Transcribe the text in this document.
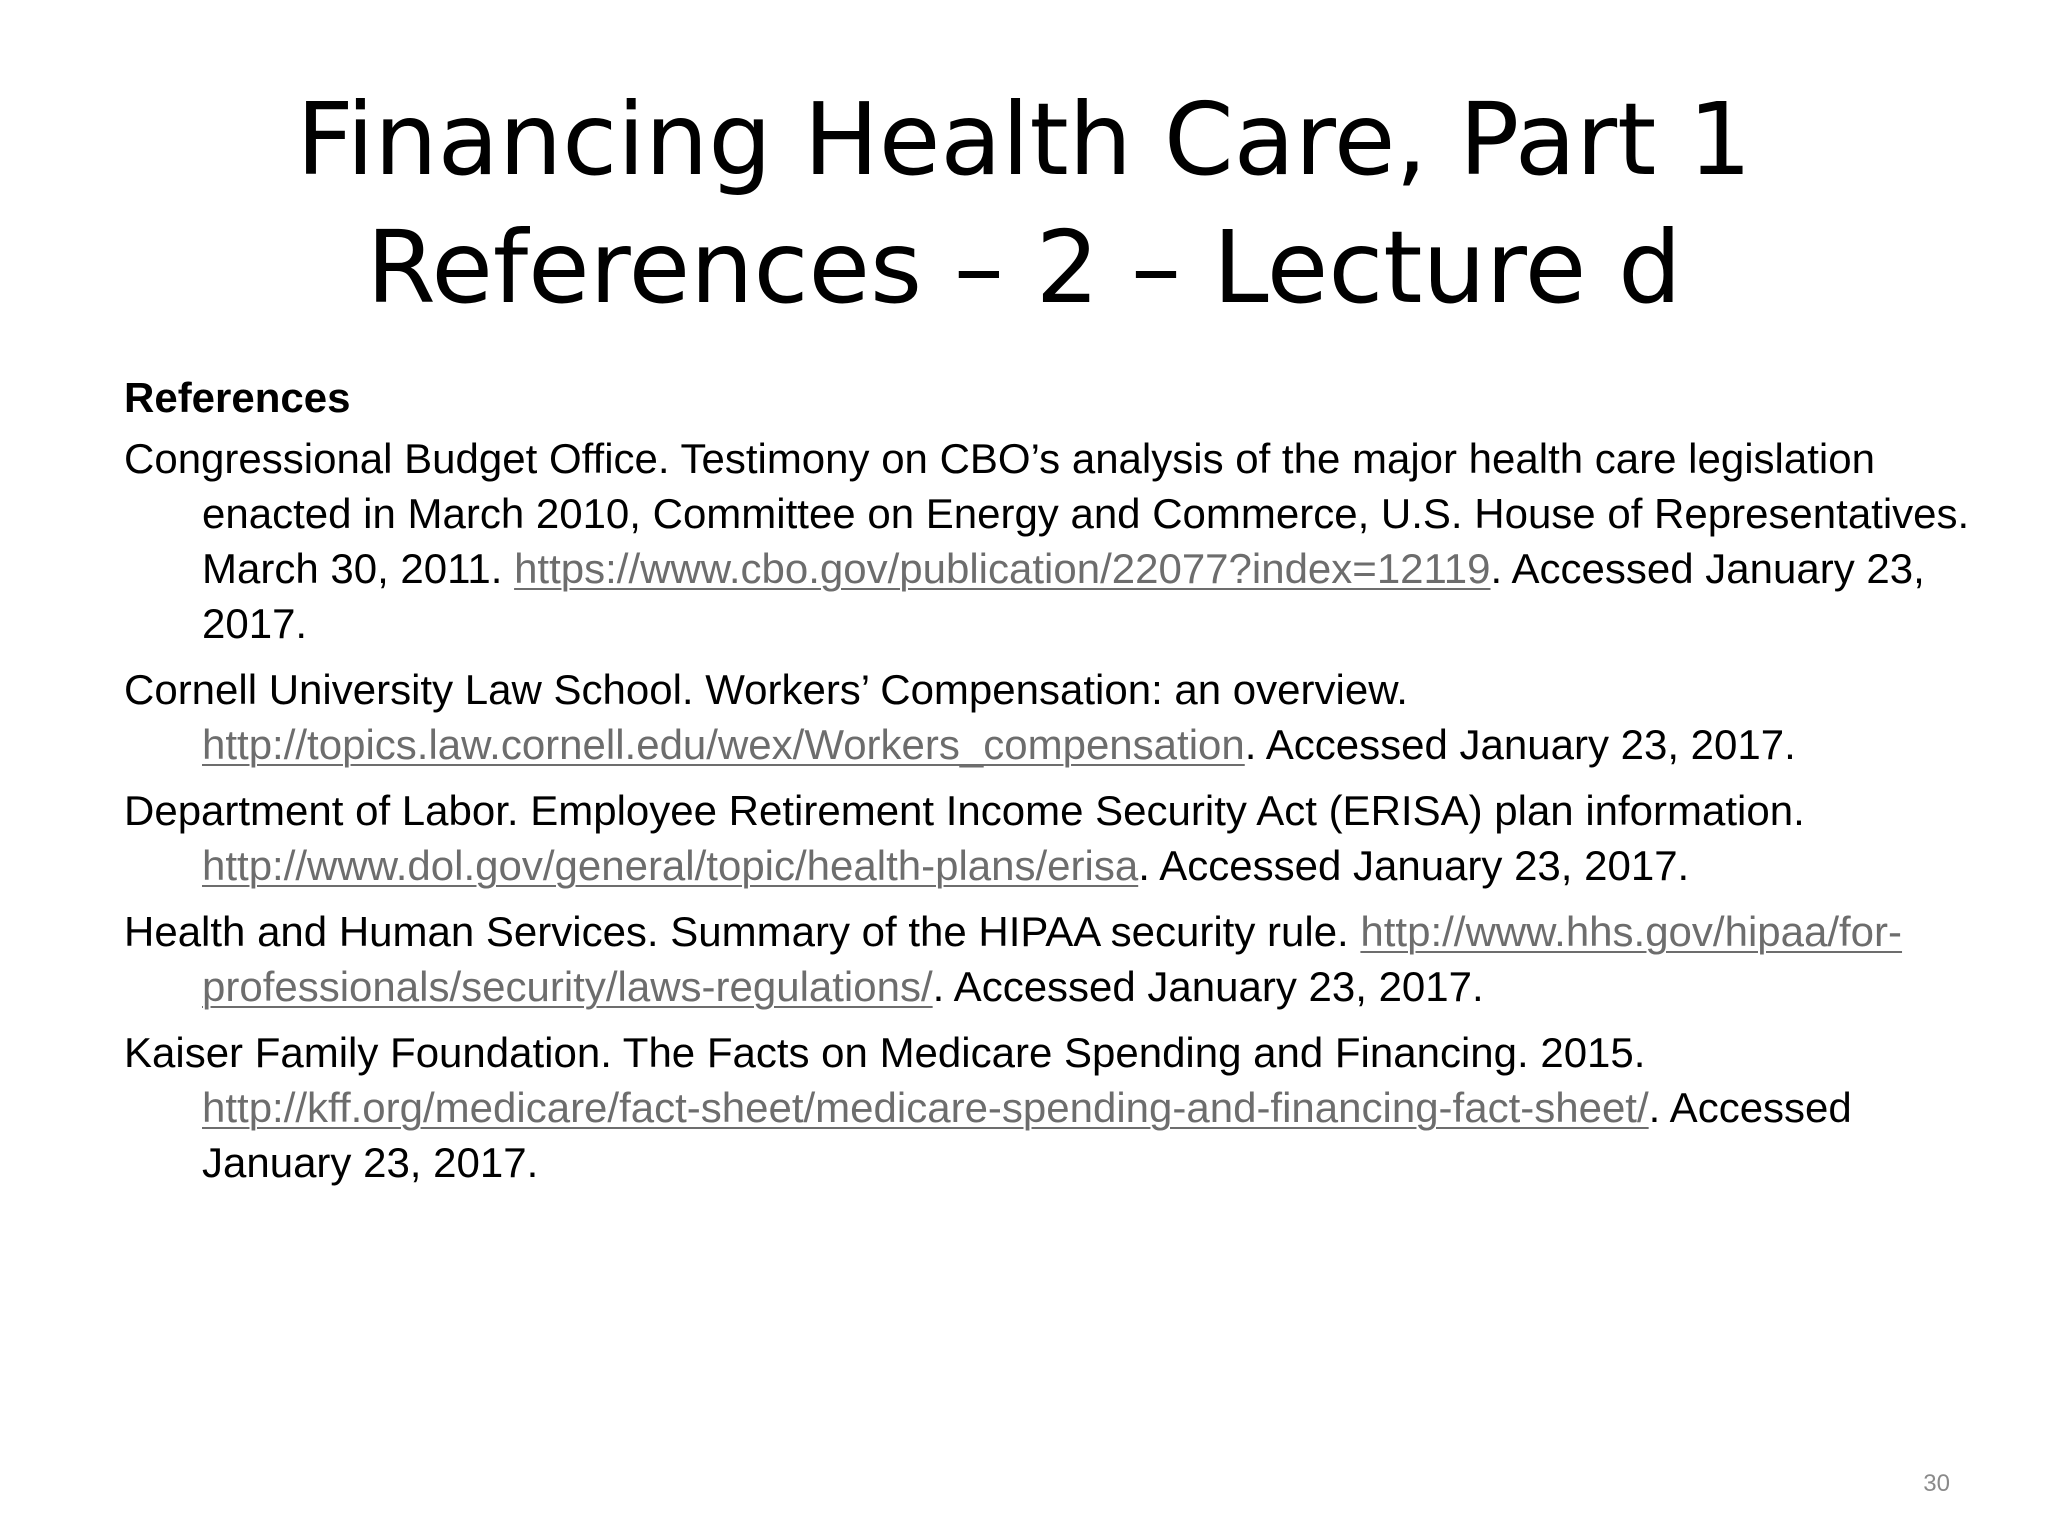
Financing Health Care, Part 1
References – 2 – Lecture d
References
Congressional Budget Office. Testimony on CBO’s analysis of the major health care legislation enacted in March 2010, Committee on Energy and Commerce, U.S. House of Representatives. March 30, 2011. https://www.cbo.gov/publication/22077?index=12119. Accessed January 23, 2017.
Cornell University Law School. Workers’ Compensation: an overview. http://topics.law.cornell.edu/wex/Workers_compensation. Accessed January 23, 2017.
Department of Labor. Employee Retirement Income Security Act (ERISA) plan information. http://www.dol.gov/general/topic/health-plans/erisa. Accessed January 23, 2017.
Health and Human Services. Summary of the HIPAA security rule. http://www.hhs.gov/hipaa/for-professionals/security/laws-regulations/. Accessed January 23, 2017.
Kaiser Family Foundation. The Facts on Medicare Spending and Financing. 2015. http://kff.org/medicare/fact-sheet/medicare-spending-and-financing-fact-sheet/. Accessed January 23, 2017.
30
